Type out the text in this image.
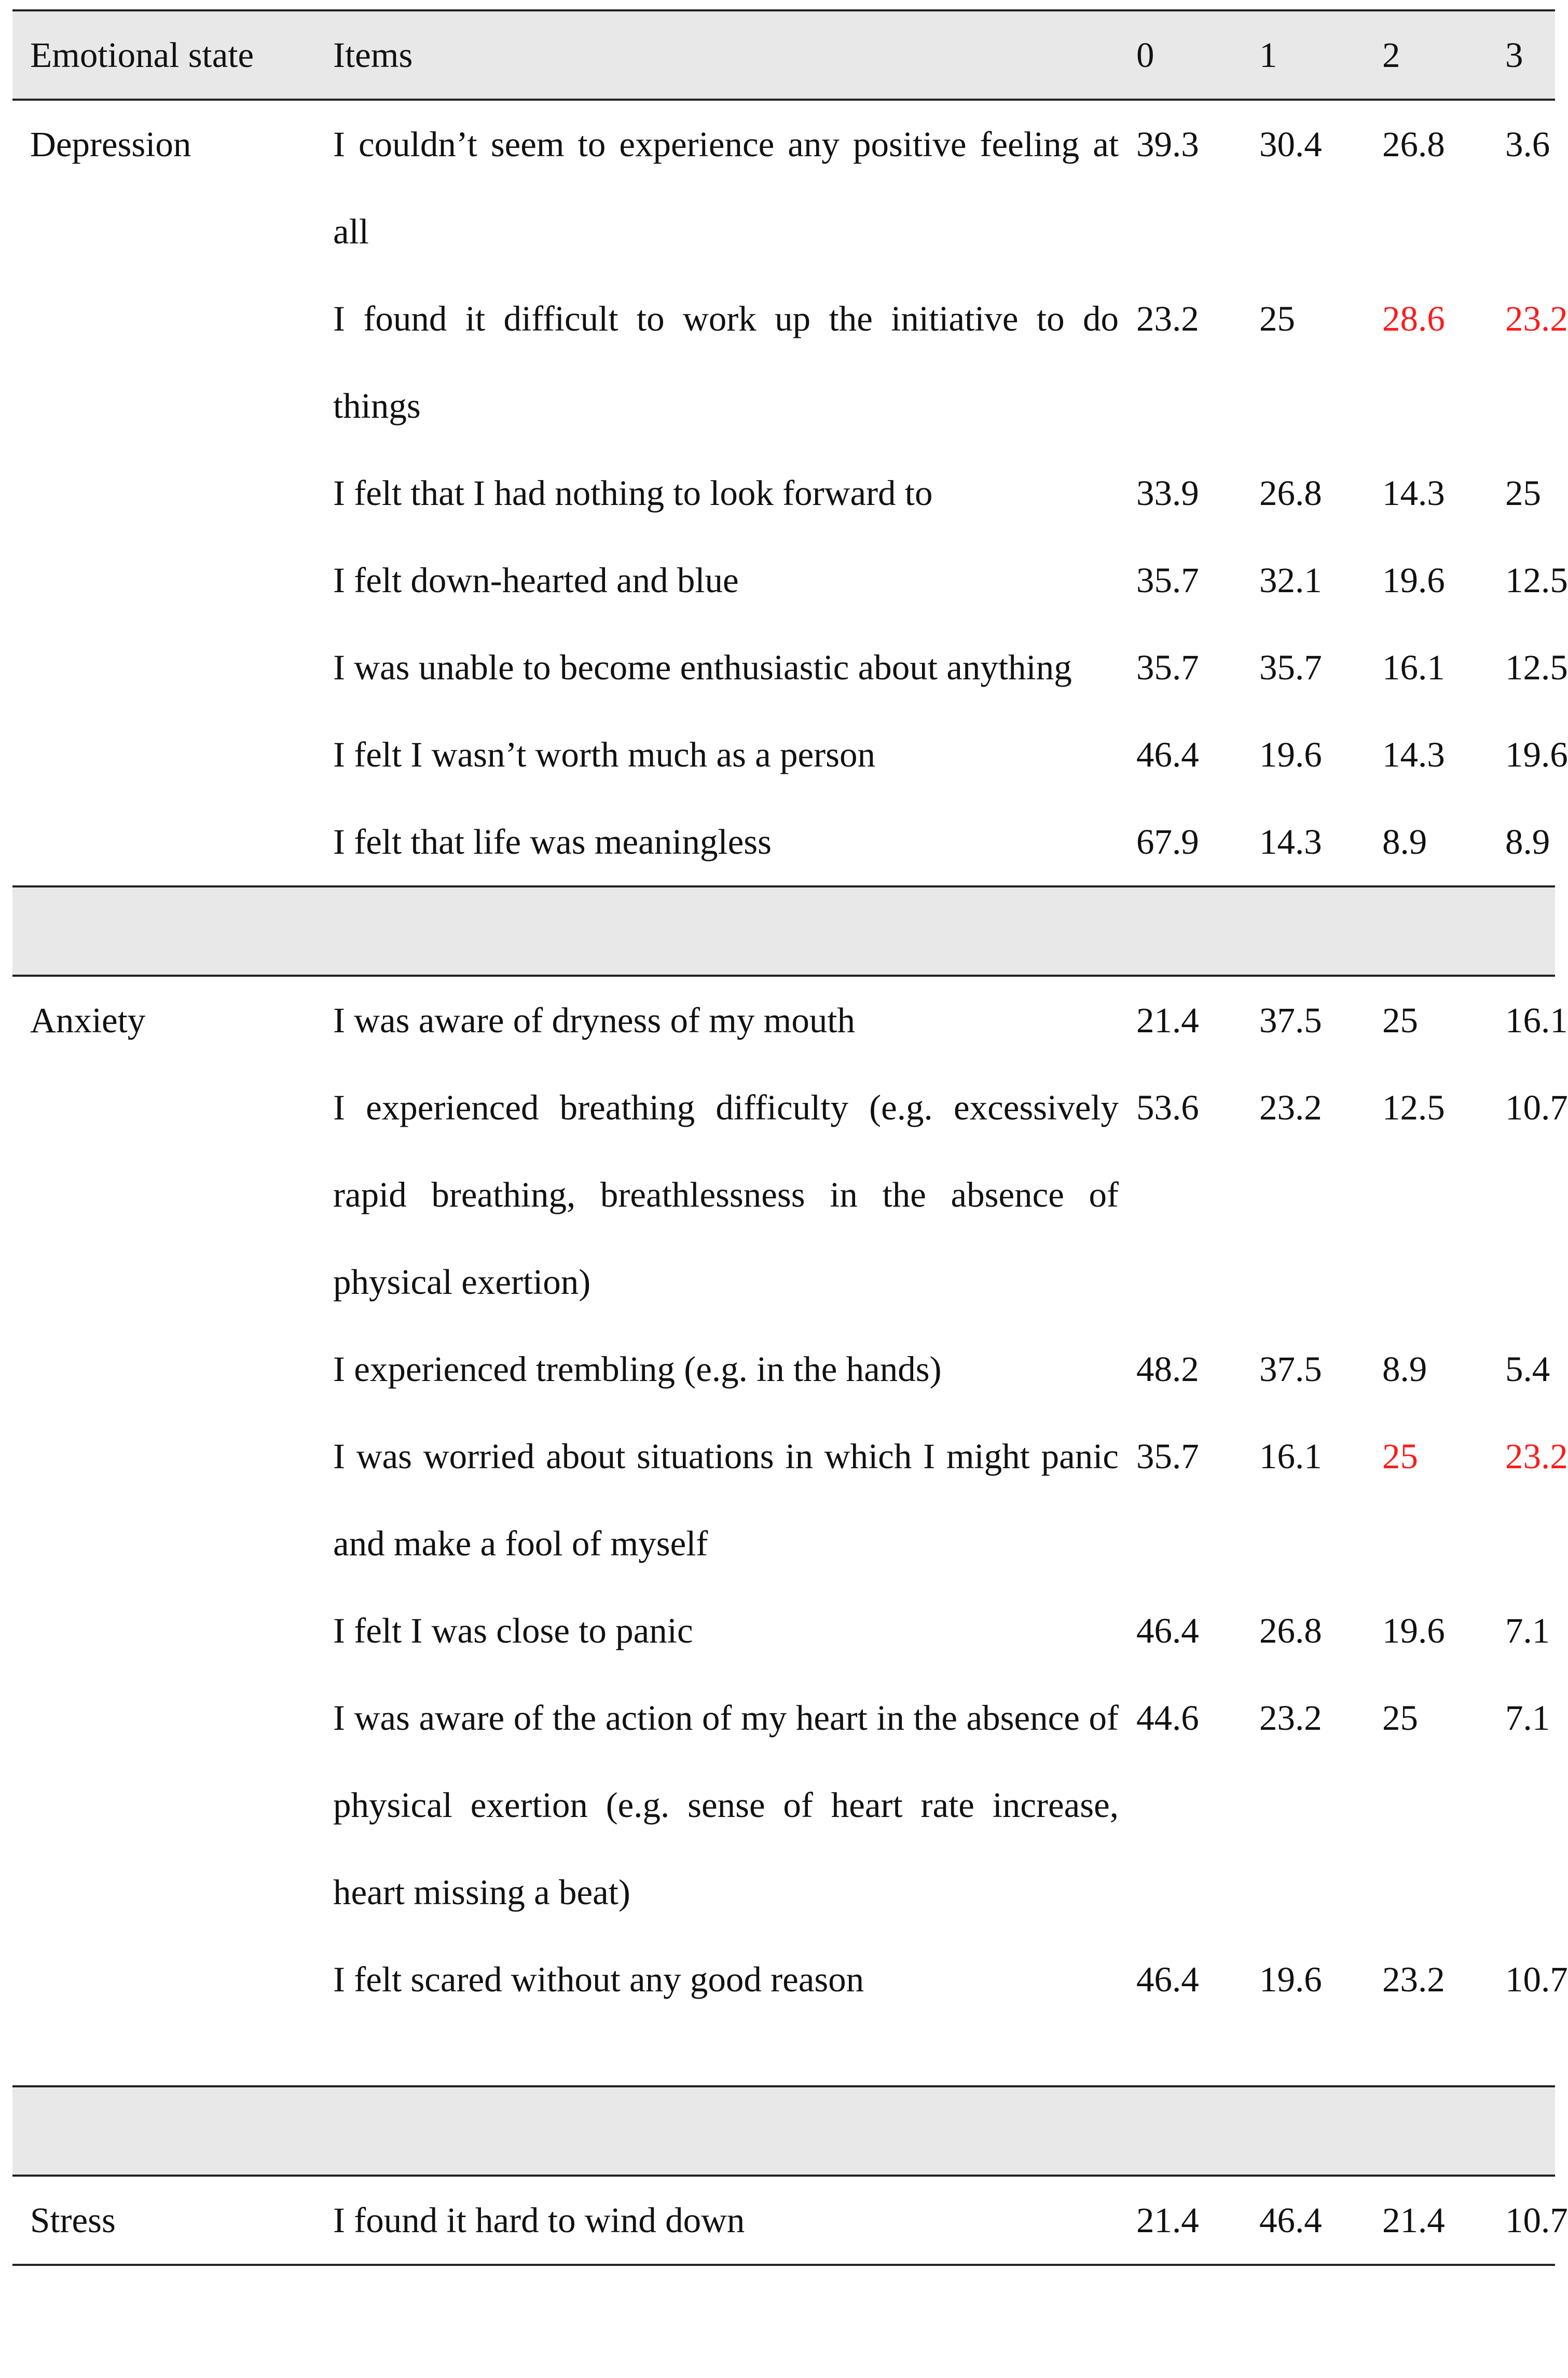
Emotional state	Items	0	1	2	3
Depression	I couldn’t seem to experience any positive feeling at all	39.3	30.4	26.8	3.6
	I found it difficult to work up the initiative to do things	23.2	25	28.6	23.2
	I felt that I had nothing to look forward to	33.9	26.8	14.3	25
	I felt down-hearted and blue	35.7	32.1	19.6	12.5
	I was unable to become enthusiastic about anything	35.7	35.7	16.1	12.5
	I felt I wasn’t worth much as a person	46.4	19.6	14.3	19.6
	I felt that life was meaningless	67.9	14.3	8.9	8.9

Anxiety	I was aware of dryness of my mouth	21.4	37.5	25	16.1
	I experienced breathing difficulty (e.g. excessively rapid breathing, breathlessness in the absence of physical exertion)	53.6	23.2	12.5	10.7
	I experienced trembling (e.g. in the hands)	48.2	37.5	8.9	5.4
	I was worried about situations in which I might panic and make a fool of myself	35.7	16.1	25	23.2
	I felt I was close to panic	46.4	26.8	19.6	7.1
	I was aware of the action of my heart in the absence of physical exertion (e.g. sense of heart rate increase, heart missing a beat)	44.6	23.2	25	7.1
	I felt scared without any good reason	46.4	19.6	23.2	10.7

Stress	I found it hard to wind down	21.4	46.4	21.4	10.7
